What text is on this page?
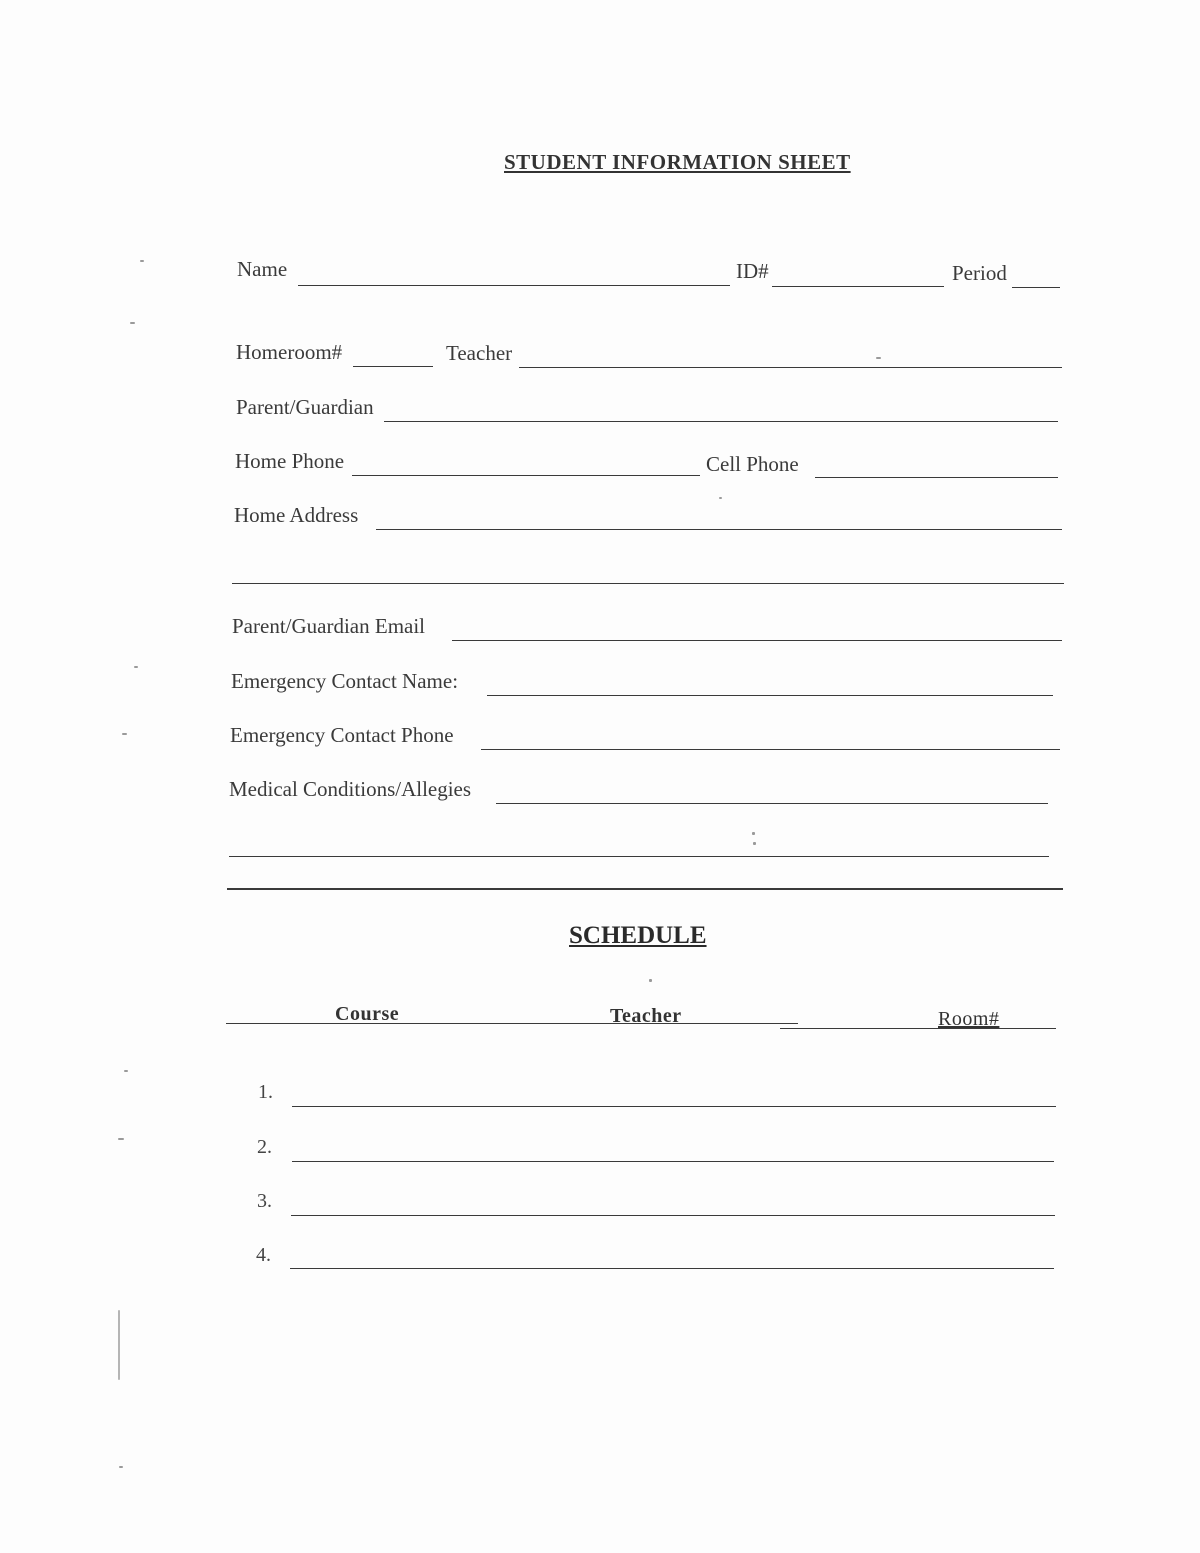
STUDENT INFORMATION SHEET
Name	ID#	Period
Homeroom#	Teacher
Parent/Guardian
Home Phone	Cell Phone
Home Address
Parent/Guardian Email
Emergency Contact Name:
Emergency Contact Phone
Medical Conditions/Allegies
SCHEDULE
Course	Teacher	Room#
1.
2.
3.
4.
